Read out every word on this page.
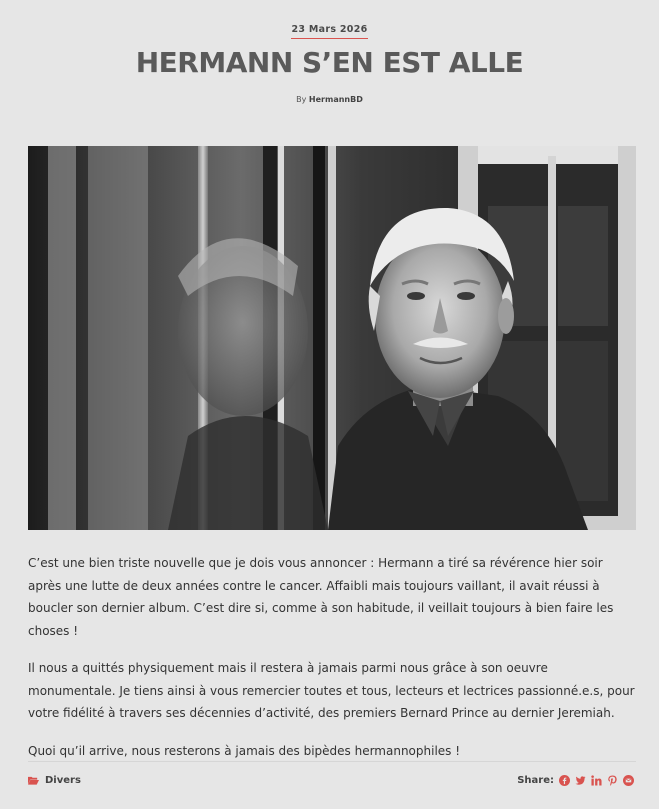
23 Mars 2026
HERMANN S’EN EST ALLE
By HermannBD

C’est une bien triste nouvelle que je dois vous annoncer : Hermann a tiré sa révérence hier soir après une lutte de deux années contre le cancer. Affaibli mais toujours vaillant, il avait réussi à boucler son dernier album. C’est dire si, comme à son habitude, il veillait toujours à bien faire les choses !

Il nous a quittés physiquement mais il restera à jamais parmi nous grâce à son oeuvre monumentale. Je tiens ainsi à vous remercier toutes et tous, lecteurs et lectrices passionné.e.s, pour votre fidélité à travers ses décennies d’activité, des premiers Bernard Prince au dernier Jeremiah.

Quoi qu’il arrive, nous resterons à jamais des bipèdes hermannophiles !

Divers	Share:
